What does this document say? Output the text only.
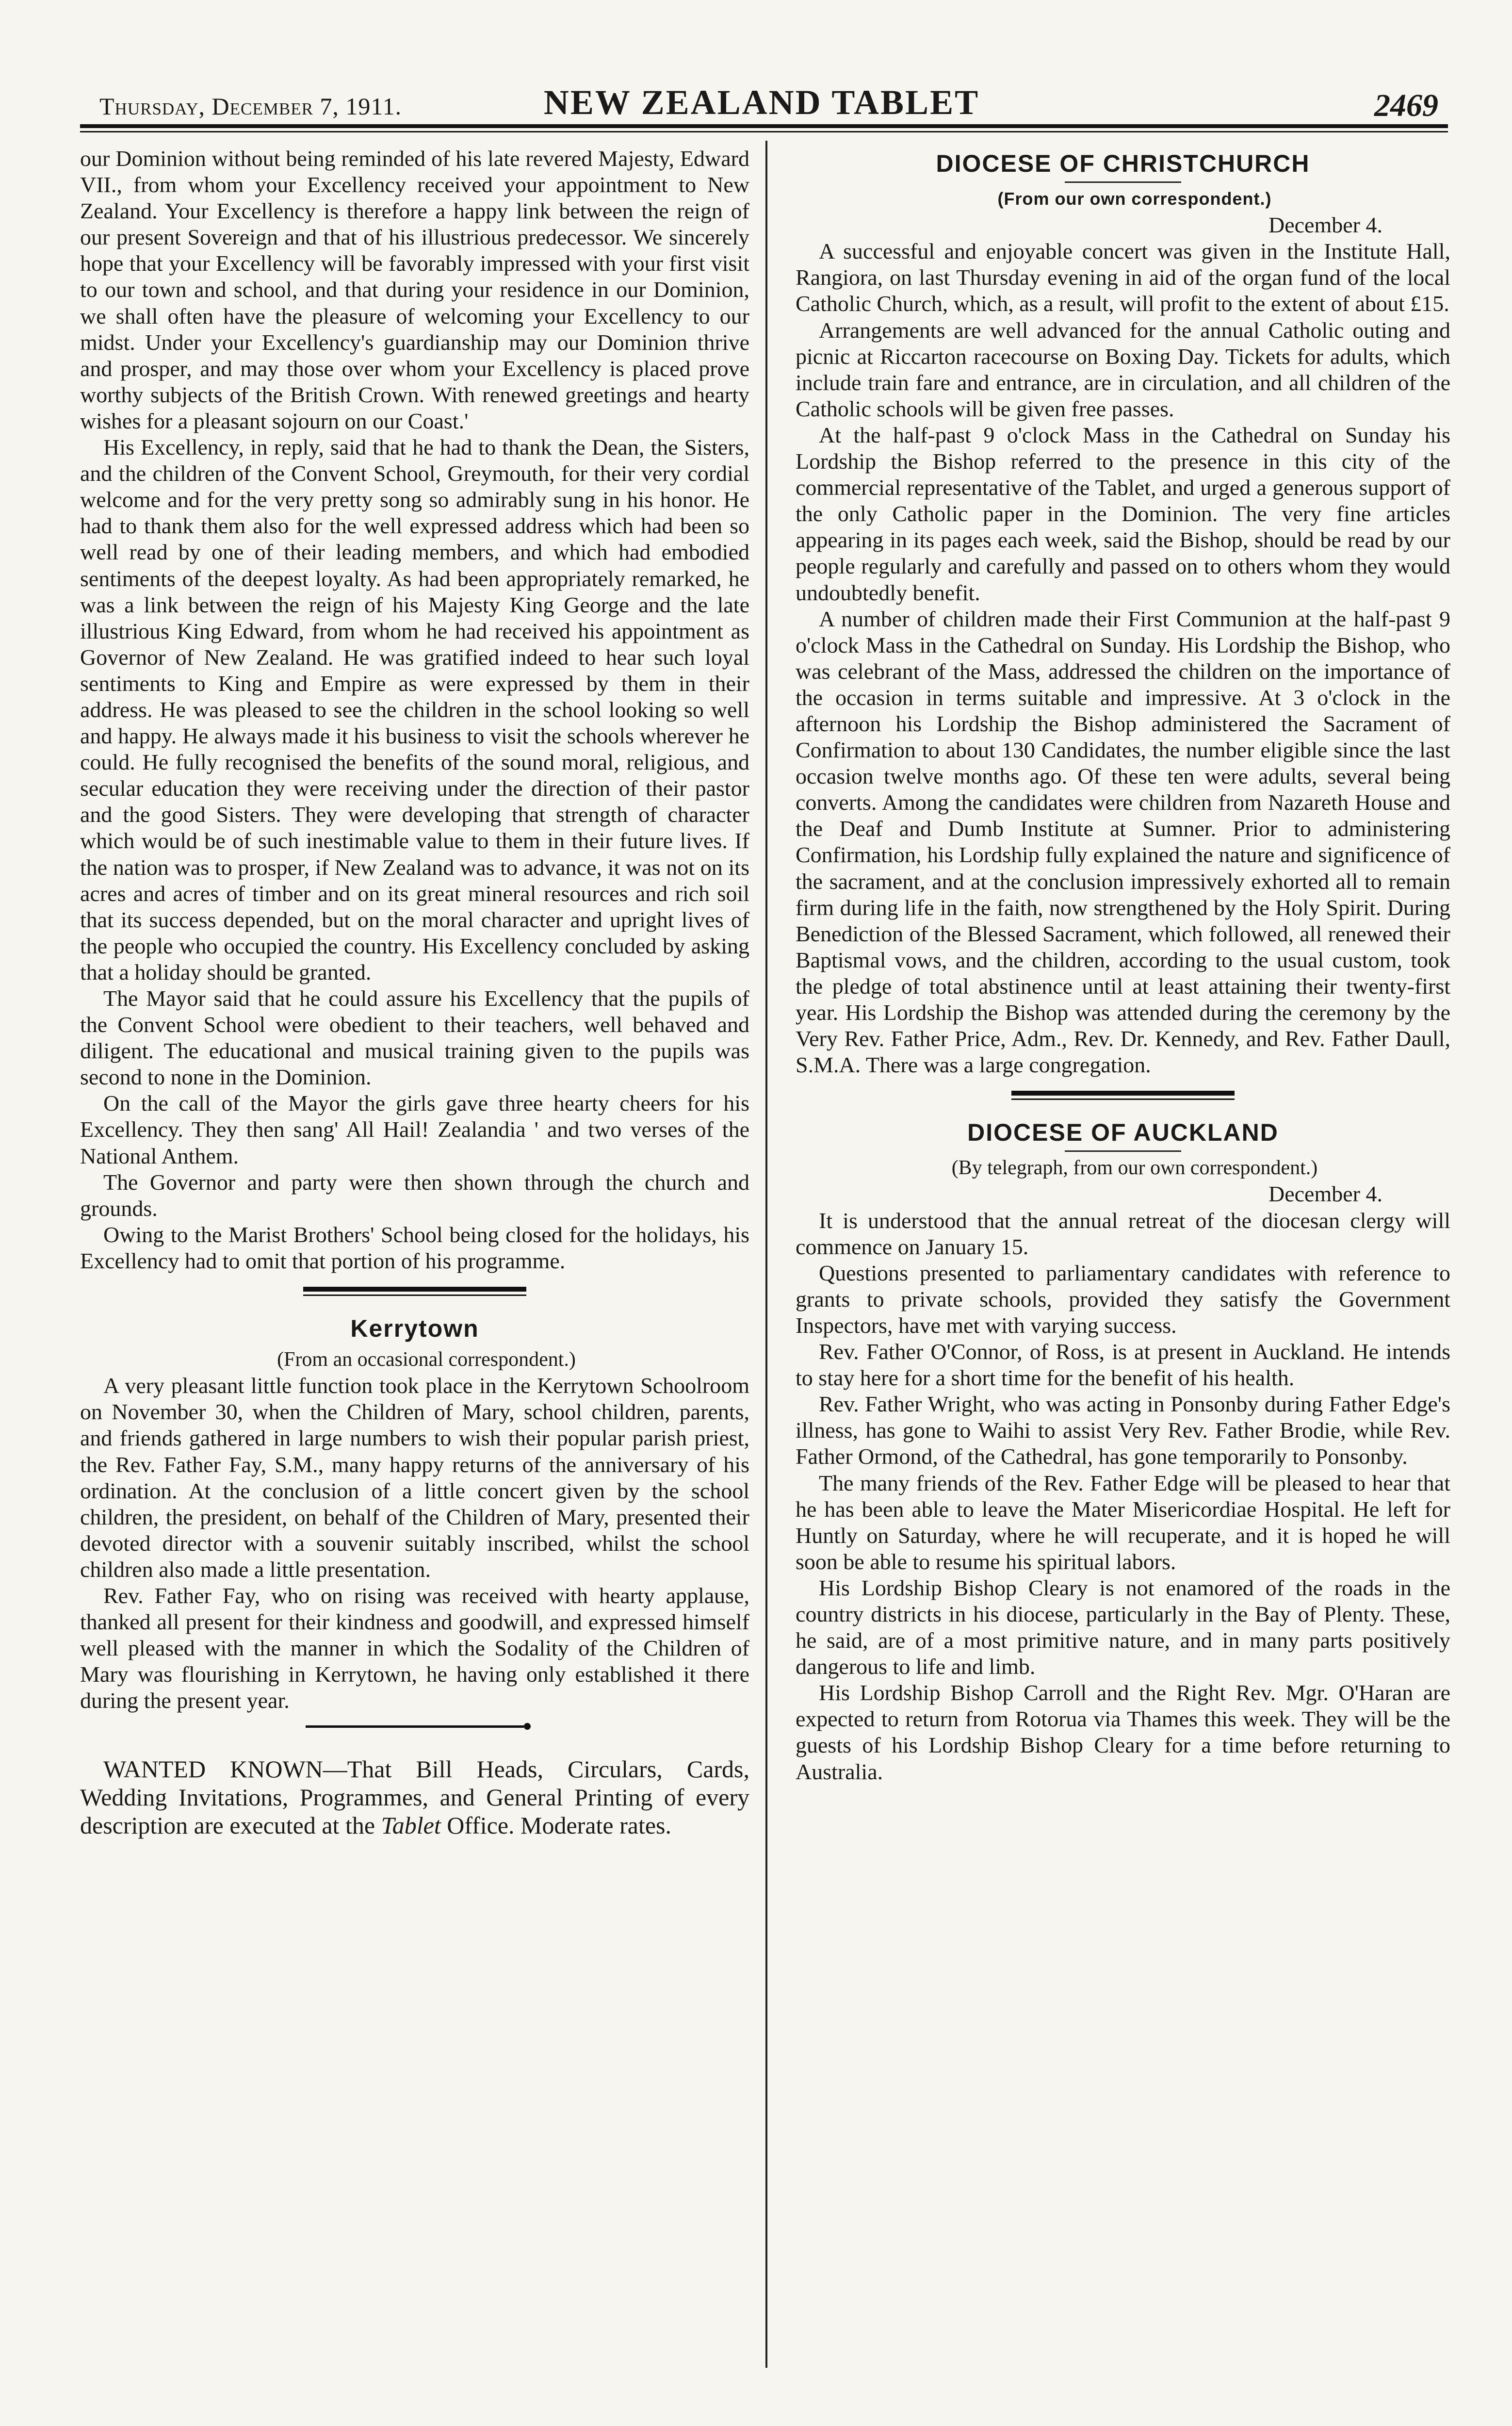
Thursday, December 7, 1911.	NEW ZEALAND TABLET	2469

our Dominion without being reminded of his late revered Majesty, Edward VII., from whom your Excellency received your appointment to New Zealand. Your Excellency is therefore a happy link between the reign of our present Sovereign and that of his illustrious predecessor. We sincerely hope that your Excellency will be favorably impressed with your first visit to our town and school, and that during your residence in our Dominion, we shall often have the pleasure of welcoming your Excellency to our midst. Under your Excellency's guardianship may our Dominion thrive and prosper, and may those over whom your Excellency is placed prove worthy subjects of the British Crown. With renewed greetings and hearty wishes for a pleasant sojourn on our Coast.'

His Excellency, in reply, said that he had to thank the Dean, the Sisters, and the children of the Convent School, Greymouth, for their very cordial welcome and for the very pretty song so admirably sung in his honor. He had to thank them also for the well expressed address which had been so well read by one of their leading members, and which had embodied sentiments of the deepest loyalty. As had been appropriately remarked, he was a link between the reign of his Majesty King George and the late illustrious King Edward, from whom he had received his appointment as Governor of New Zealand. He was gratified indeed to hear such loyal sentiments to King and Empire as were expressed by them in their address. He was pleased to see the children in the school looking so well and happy. He always made it his business to visit the schools wherever he could. He fully recognised the benefits of the sound moral, religious, and secular education they were receiving under the direction of their pastor and the good Sisters. They were developing that strength of character which would be of such inestimable value to them in their future lives. If the nation was to prosper, if New Zealand was to advance, it was not on its acres and acres of timber and on its great mineral resources and rich soil that its success depended, but on the moral character and upright lives of the people who occupied the country. His Excellency concluded by asking that a holiday should be granted.

The Mayor said that he could assure his Excellency that the pupils of the Convent School were obedient to their teachers, well behaved and diligent. The educational and musical training given to the pupils was second to none in the Dominion.

On the call of the Mayor the girls gave three hearty cheers for his Excellency. They then sang' All Hail! Zealandia ' and two verses of the National Anthem.

The Governor and party were then shown through the church and grounds.

Owing to the Marist Brothers' School being closed for the holidays, his Excellency had to omit that portion of his programme.

Kerrytown

(From an occasional correspondent.)

A very pleasant little function took place in the Kerrytown Schoolroom on November 30, when the Children of Mary, school children, parents, and friends gathered in large numbers to wish their popular parish priest, the Rev. Father Fay, S.M., many happy returns of the anniversary of his ordination. At the conclusion of a little concert given by the school children, the president, on behalf of the Children of Mary, presented their devoted director with a souvenir suitably inscribed, whilst the school children also made a little presentation.

Rev. Father Fay, who on rising was received with hearty applause, thanked all present for their kindness and goodwill, and expressed himself well pleased with the manner in which the Sodality of the Children of Mary was flourishing in Kerrytown, he having only established it there during the present year.

WANTED KNOWN—That Bill Heads, Circulars, Cards, Wedding Invitations, Programmes, and General Printing of every description are executed at the Tablet Office. Moderate rates.

DIOCESE OF CHRISTCHURCH

(From our own correspondent.)

December 4.

A successful and enjoyable concert was given in the Institute Hall, Rangiora, on last Thursday evening in aid of the organ fund of the local Catholic Church, which, as a result, will profit to the extent of about £15.

Arrangements are well advanced for the annual Catholic outing and picnic at Riccarton racecourse on Boxing Day. Tickets for adults, which include train fare and entrance, are in circulation, and all children of the Catholic schools will be given free passes.

At the half-past 9 o'clock Mass in the Cathedral on Sunday his Lordship the Bishop referred to the presence in this city of the commercial representative of the Tablet, and urged a generous support of the only Catholic paper in the Dominion. The very fine articles appearing in its pages each week, said the Bishop, should be read by our people regularly and carefully and passed on to others whom they would undoubtedly benefit.

A number of children made their First Communion at the half-past 9 o'clock Mass in the Cathedral on Sunday. His Lordship the Bishop, who was celebrant of the Mass, addressed the children on the importance of the occasion in terms suitable and impressive. At 3 o'clock in the afternoon his Lordship the Bishop administered the Sacrament of Confirmation to about 130 Candidates, the number eligible since the last occasion twelve months ago. Of these ten were adults, several being converts. Among the candidates were children from Nazareth House and the Deaf and Dumb Institute at Sumner. Prior to administering Confirmation, his Lordship fully explained the nature and significence of the sacrament, and at the conclusion impressively exhorted all to remain firm during life in the faith, now strengthened by the Holy Spirit. During Benediction of the Blessed Sacrament, which followed, all renewed their Baptismal vows, and the children, according to the usual custom, took the pledge of total abstinence until at least attaining their twenty-first year. His Lordship the Bishop was attended during the ceremony by the Very Rev. Father Price, Adm., Rev. Dr. Kennedy, and Rev. Father Daull, S.M.A. There was a large congregation.

DIOCESE OF AUCKLAND

(By telegraph, from our own correspondent.)

December 4.

It is understood that the annual retreat of the diocesan clergy will commence on January 15.

Questions presented to parliamentary candidates with reference to grants to private schools, provided they satisfy the Government Inspectors, have met with varying success.

Rev. Father O'Connor, of Ross, is at present in Auckland. He intends to stay here for a short time for the benefit of his health.

Rev. Father Wright, who was acting in Ponsonby during Father Edge's illness, has gone to Waihi to assist Very Rev. Father Brodie, while Rev. Father Ormond, of the Cathedral, has gone temporarily to Ponsonby.

The many friends of the Rev. Father Edge will be pleased to hear that he has been able to leave the Mater Misericordiae Hospital. He left for Huntly on Saturday, where he will recuperate, and it is hoped he will soon be able to resume his spiritual labors.

His Lordship Bishop Cleary is not enamored of the roads in the country districts in his diocese, particularly in the Bay of Plenty. These, he said, are of a most primitive nature, and in many parts positively dangerous to life and limb.

His Lordship Bishop Carroll and the Right Rev. Mgr. O'Haran are expected to return from Rotorua via Thames this week. They will be the guests of his Lordship Bishop Cleary for a time before returning to Australia.
